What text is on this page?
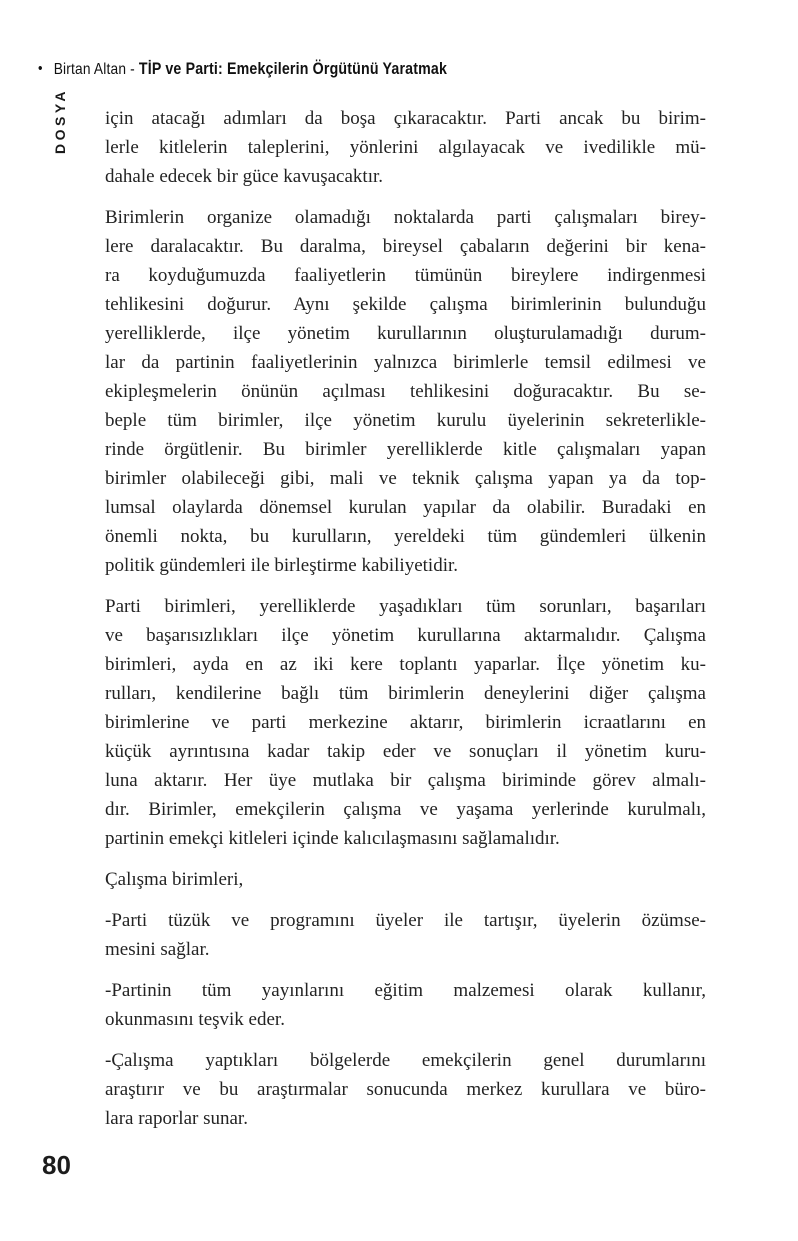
• Birtan Altan - TİP ve Parti: Emekçilerin Örgütünü Yaratmak
DOSYA için atacağı adımları da boşa çıkaracaktır. Parti ancak bu birim-
lerle kitlelerin taleplerini, yönlerini algılayacak ve ivedilikle mü-
dahale edecek bir güce kavuşacaktır.
Birimlerin organize olamadığı noktalarda parti çalışmaları birey-
lere daralacaktır. Bu daralma, bireysel çabaların değerini bir kena-
ra koyduğumuzda faaliyetlerin tümünün bireylere indirgenmesi
tehlikesini doğurur. Aynı şekilde çalışma birimlerinin bulunduğu
yerelliklerde, ilçe yönetim kurullarının oluşturulamadığı durum-
lar da partinin faaliyetlerinin yalnızca birimlerle temsil edilmesi ve
ekipleşmelerin önünün açılması tehlikesini doğuracaktır. Bu se-
beple tüm birimler, ilçe yönetim kurulu üyelerinin sekreterlikle-
rinde örgütlenir. Bu birimler yerelliklerde kitle çalışmaları yapan
birimler olabileceği gibi, mali ve teknik çalışma yapan ya da top-
lumsal olaylarda dönemsel kurulan yapılar da olabilir. Buradaki en
önemli nokta, bu kurulların, yereldeki tüm gündemleri ülkenin
politik gündemleri ile birleştirme kabiliyetidir.
Parti birimleri, yerelliklerde yaşadıkları tüm sorunları, başarıları
ve başarısızlıkları ilçe yönetim kurullarına aktarmalıdır. Çalışma
birimleri, ayda en az iki kere toplantı yaparlar. İlçe yönetim ku-
rulları, kendilerine bağlı tüm birimlerin deneylerini diğer çalışma
birimlerine ve parti merkezine aktarır, birimlerin icraatlarını en
küçük ayrıntısına kadar takip eder ve sonuçları il yönetim kuru-
luna aktarır. Her üye mutlaka bir çalışma biriminde görev almalı-
dır. Birimler, emekçilerin çalışma ve yaşama yerlerinde kurulmalı,
partinin emekçi kitleleri içinde kalıcılaşmasını sağlamalıdır.
Çalışma birimleri,
-Parti tüzük ve programını üyeler ile tartışır, üyelerin özümse-
mesini sağlar.
-Partinin tüm yayınlarını eğitim malzemesi olarak kullanır,
okunmasını teşvik eder.
-Çalışma yaptıkları bölgelerde emekçilerin genel durumlarını
araştırır ve bu araştırmalar sonucunda merkez kurullara ve büro-
lara raporlar sunar.
80
